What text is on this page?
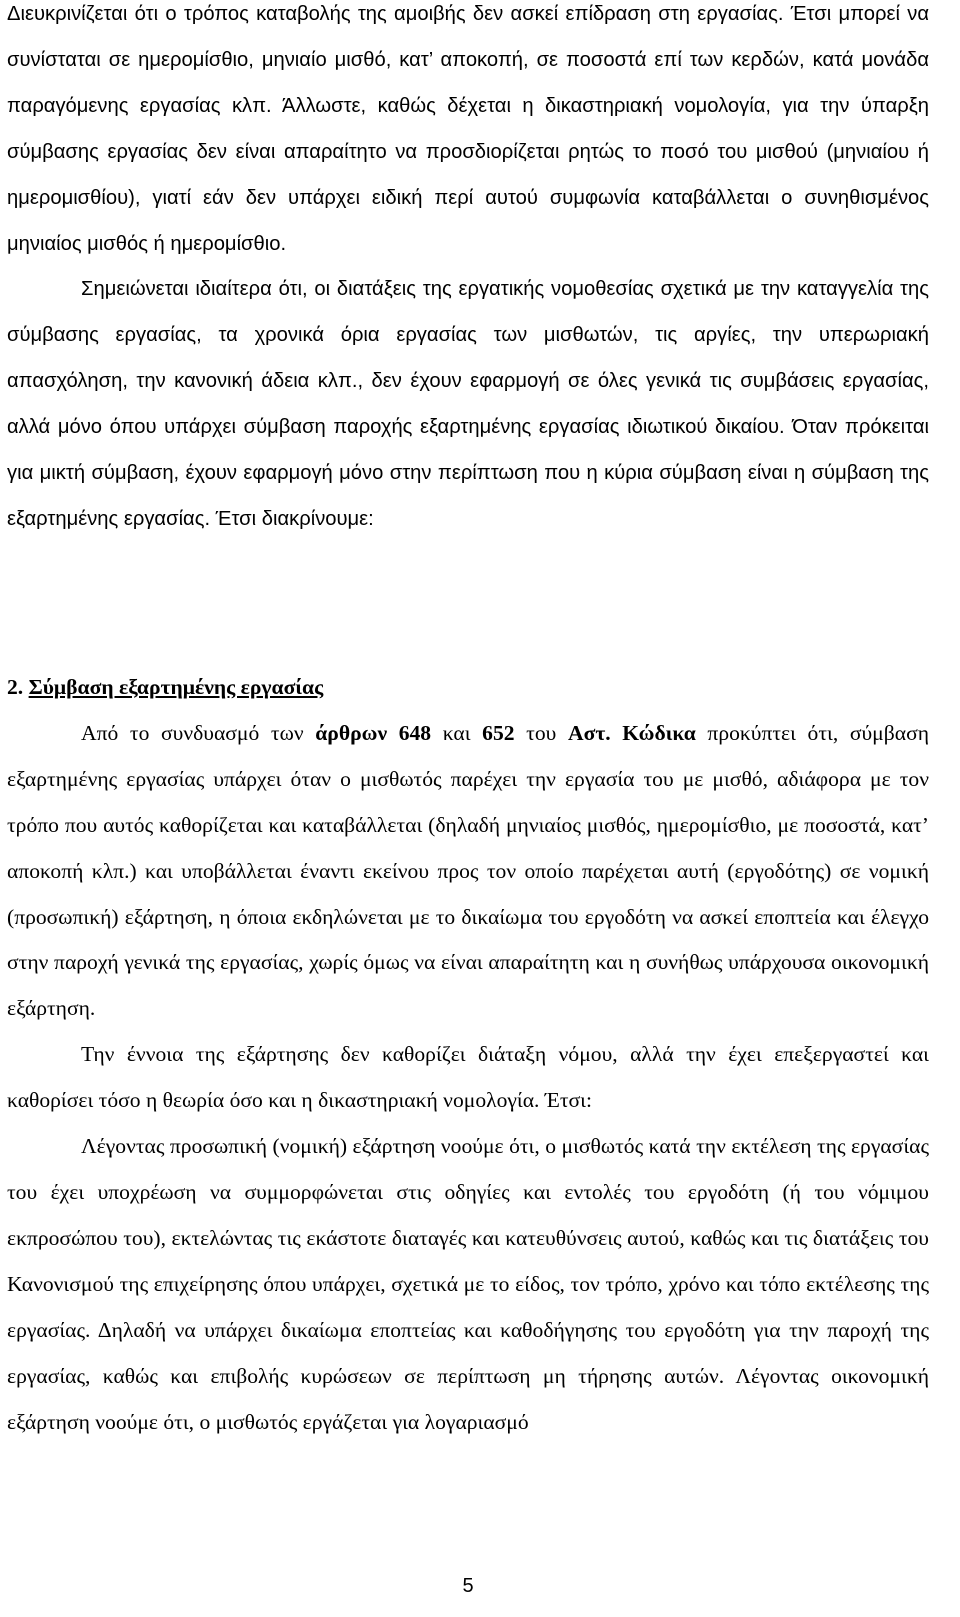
Διευκρινίζεται ότι ο τρόπος καταβολής της αμοιβής δεν ασκεί επίδραση στη εργασίας. Έτσι μπορεί να συνίσταται σε ημερομίσθιο, μηνιαίο μισθό, κατ’ αποκοπή, σε ποσοστά επί των κερδών, κατά μονάδα παραγόμενης εργασίας κλπ. Άλλωστε, καθώς δέχεται η δικαστηριακή νομολογία, για την ύπαρξη σύμβασης εργασίας δεν είναι απαραίτητο να προσδιορίζεται ρητώς το ποσό του μισθού (μηνιαίου ή ημερομισθίου), γιατί εάν δεν υπάρχει ειδική περί αυτού συμφωνία καταβάλλεται ο συνηθισμένος μηνιαίος μισθός ή ημερομίσθιο.

Σημειώνεται ιδιαίτερα ότι, οι διατάξεις της εργατικής νομοθεσίας σχετικά με την καταγγελία της σύμβασης εργασίας, τα χρονικά όρια εργασίας των μισθωτών, τις αργίες, την υπερωριακή απασχόληση, την κανονική άδεια κλπ., δεν έχουν εφαρμογή σε όλες γενικά τις συμβάσεις εργασίας, αλλά μόνο όπου υπάρχει σύμβαση παροχής εξαρτημένης εργασίας ιδιωτικού δικαίου. Όταν πρόκειται για μικτή σύμβαση, έχουν εφαρμογή μόνο στην περίπτωση που η κύρια σύμβαση είναι η σύμβαση της εξαρτημένης εργασίας. Έτσι διακρίνουμε:

2. Σύμβαση εξαρτημένης εργασίας

Από το συνδυασμό των άρθρων 648 και 652 του Αστ. Κώδικα προκύπτει ότι, σύμβαση εξαρτημένης εργασίας υπάρχει όταν ο μισθωτός παρέχει την εργασία του με μισθό, αδιάφορα με τον τρόπο που αυτός καθορίζεται και καταβάλλεται (δηλαδή μηνιαίος μισθός, ημερομίσθιο, με ποσοστά, κατ’ αποκοπή κλπ.) και υποβάλλεται έναντι εκείνου προς τον οποίο παρέχεται αυτή (εργοδότης) σε νομική (προσωπική) εξάρτηση, η όποια εκδηλώνεται με το δικαίωμα του εργοδότη να ασκεί εποπτεία και έλεγχο στην παροχή γενικά της εργασίας, χωρίς όμως να είναι απαραίτητη και η συνήθως υπάρχουσα οικονομική εξάρτηση.

Την έννοια της εξάρτησης δεν καθορίζει διάταξη νόμου, αλλά την έχει επεξεργαστεί και καθορίσει τόσο η θεωρία όσο και η δικαστηριακή νομολογία. Έτσι:

Λέγοντας προσωπική (νομική) εξάρτηση νοούμε ότι, ο μισθωτός κατά την εκτέλεση της εργασίας του έχει υποχρέωση να συμμορφώνεται στις οδηγίες και εντολές του εργοδότη (ή του νόμιμου εκπροσώπου του), εκτελώντας τις εκάστοτε διαταγές και κατευθύνσεις αυτού, καθώς και τις διατάξεις του Κανονισμού της επιχείρησης όπου υπάρχει, σχετικά με το είδος, τον τρόπο, χρόνο και τόπο εκτέλεσης της εργασίας. Δηλαδή να υπάρχει δικαίωμα εποπτείας και καθοδήγησης του εργοδότη για την παροχή της εργασίας, καθώς και επιβολής κυρώσεων σε περίπτωση μη τήρησης αυτών. Λέγοντας οικονομική εξάρτηση νοούμε ότι, ο μισθωτός εργάζεται για λογαριασμό

5
